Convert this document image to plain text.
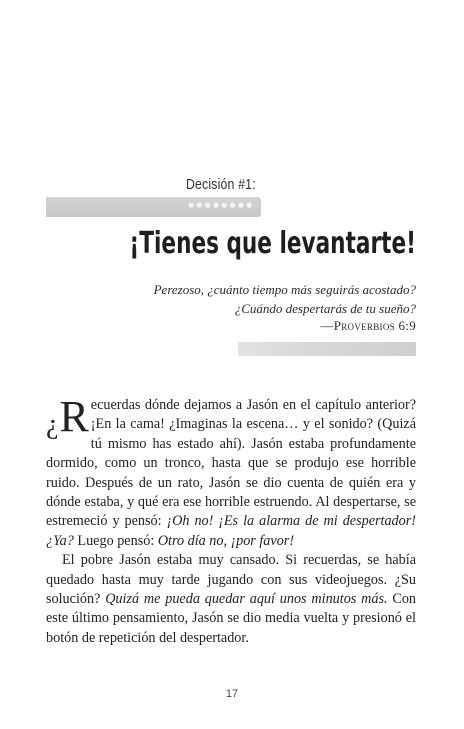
Decisión #1:
●●●●●●●●
¡Tienes que levantarte!
Perezoso, ¿cuánto tiempo más seguirás acostado?
¿Cuándo despertarás de tu sueño?
—Proverbios 6:9

¿R ecuerdas dónde dejamos a Jasón en el capítulo anterior? ¡En la cama! ¿Imaginas la escena… y el sonido? (Quizá tú mismo has estado ahí). Jasón estaba profundamente dormido, como un tronco, hasta que se produjo ese horrible ruido. Después de un rato, Jasón se dio cuenta de quién era y dónde estaba, y qué era ese horrible estruendo. Al despertarse, se estremeció y pensó: ¡Oh no! ¡Es la alarma de mi despertador! ¿Ya? Luego pensó: Otro día no, ¡por favor!

El pobre Jasón estaba muy cansado. Si recuerdas, se había quedado hasta muy tarde jugando con sus videojuegos. ¿Su solución? Quizá me pueda quedar aquí unos minutos más. Con este último pensamiento, Jasón se dio media vuelta y presionó el botón de repetición del despertador.

17
